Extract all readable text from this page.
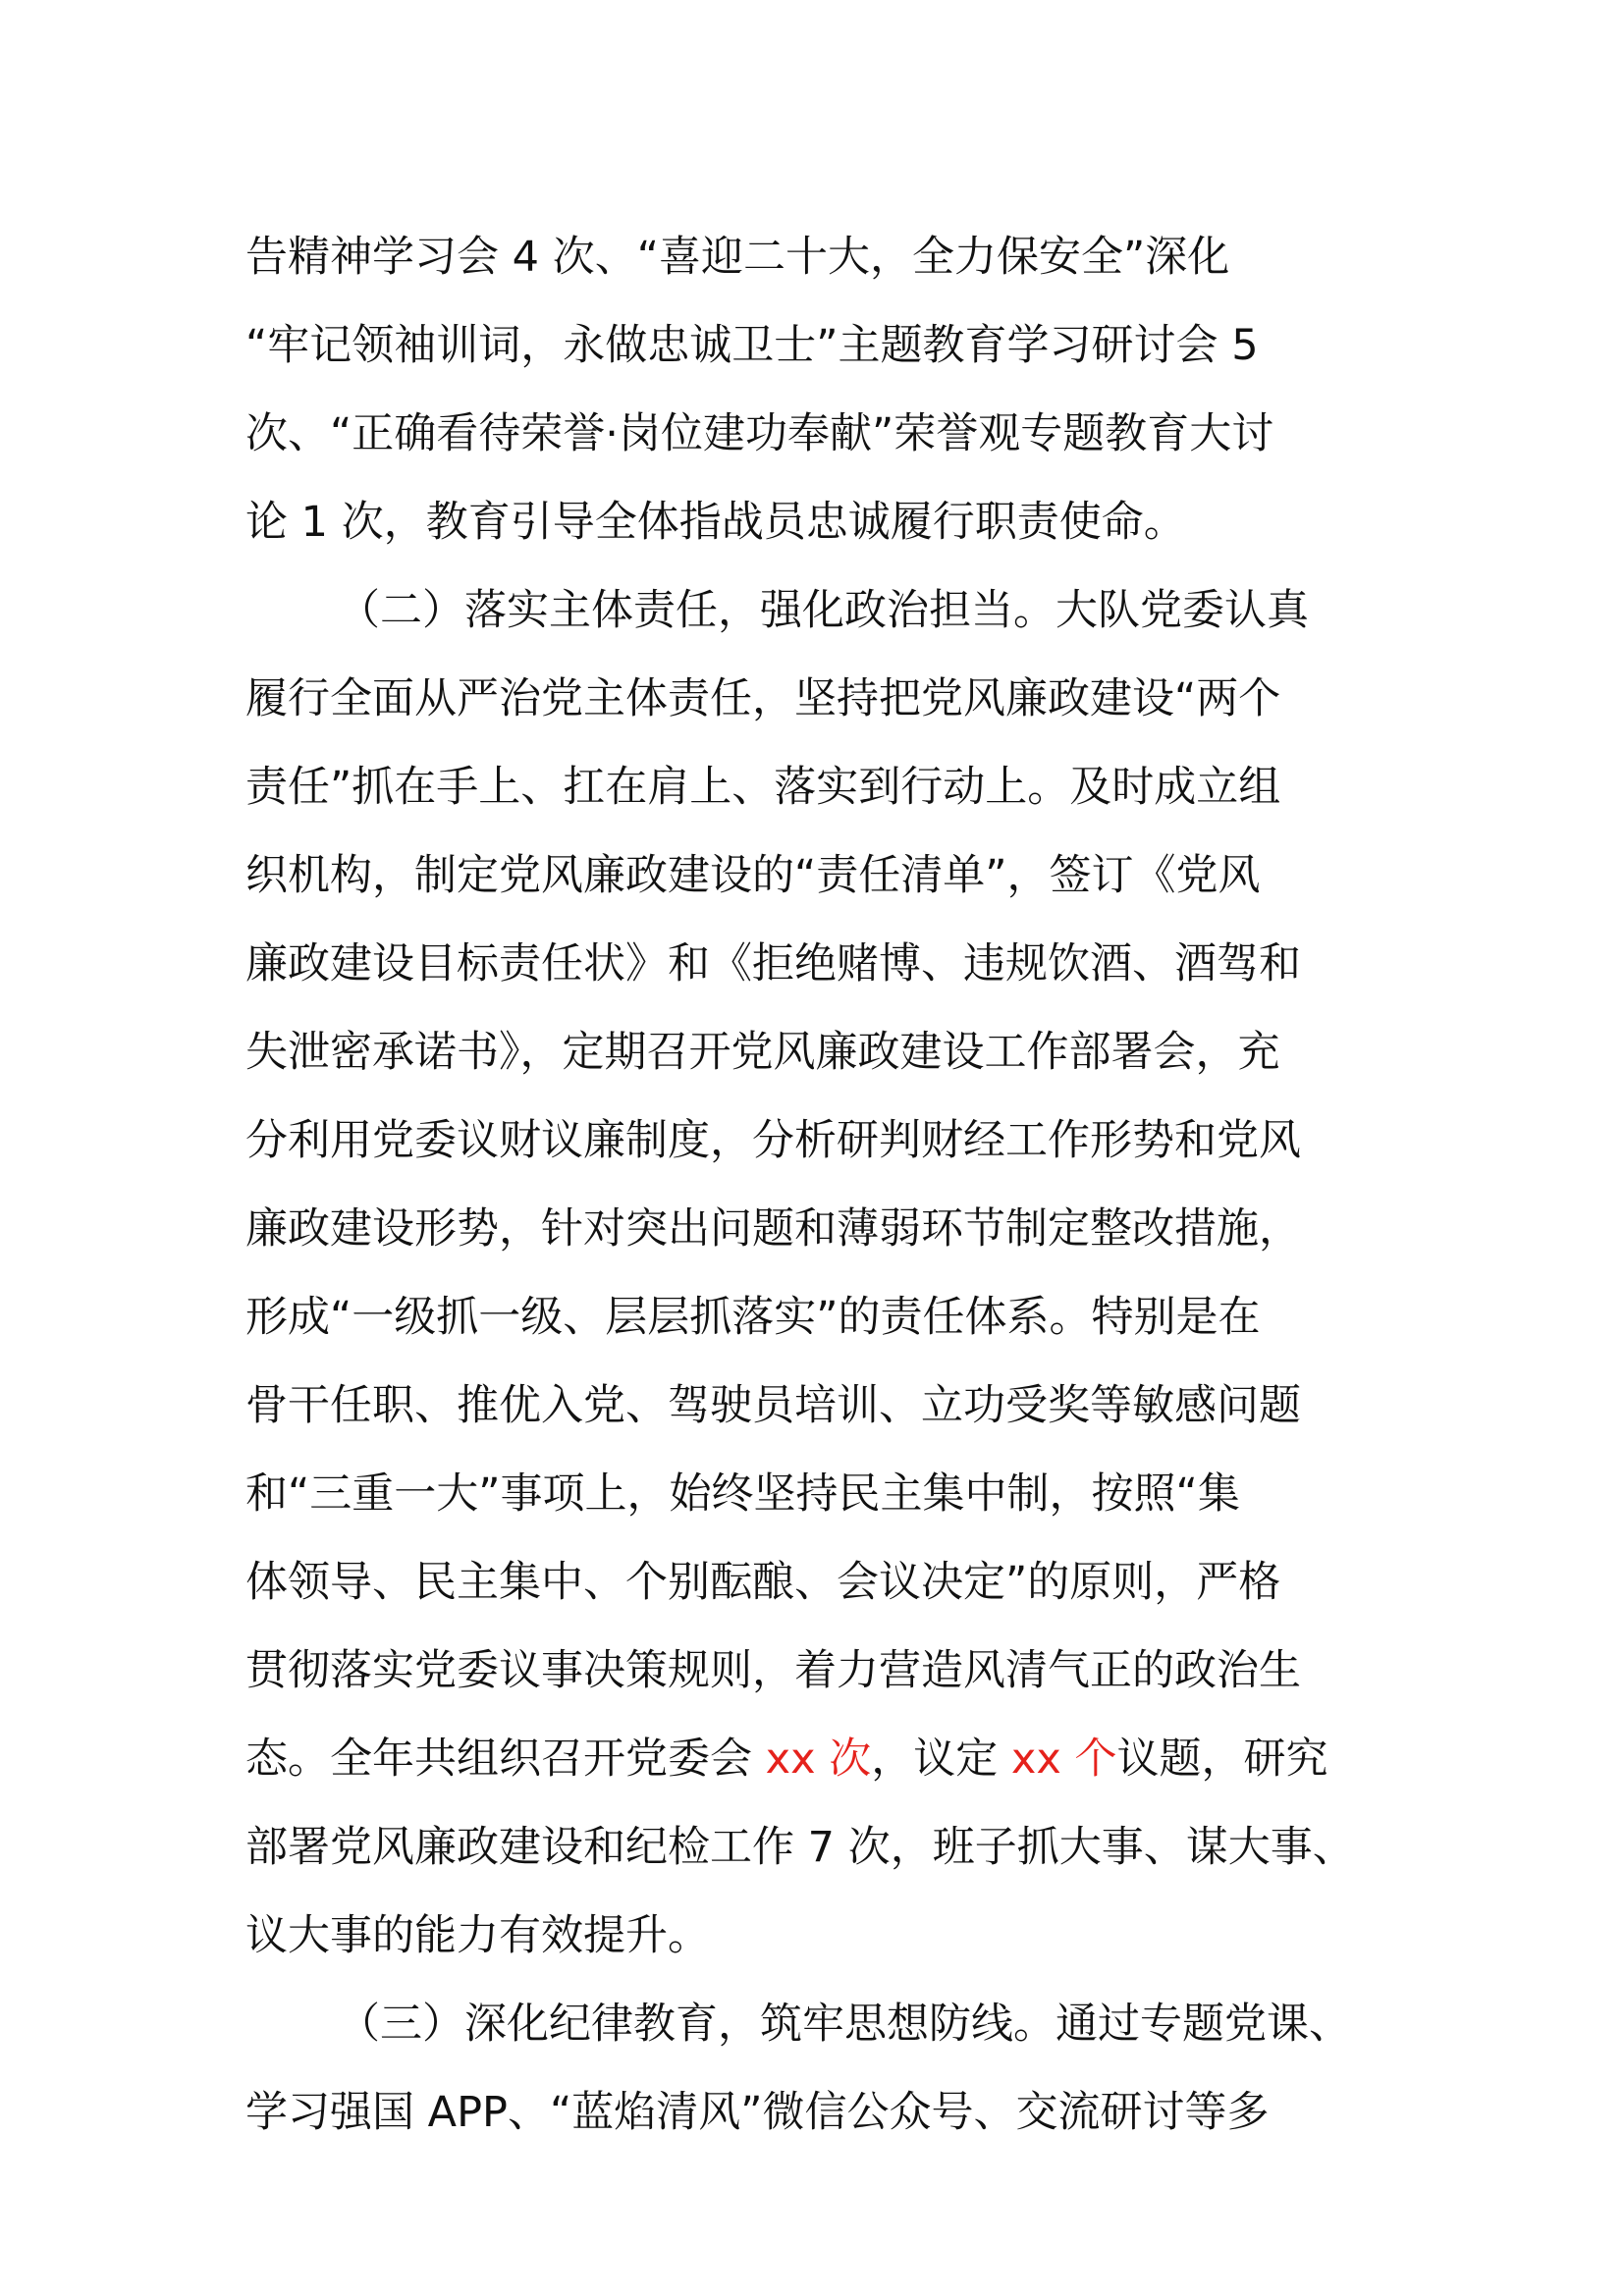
告精神学习会 4 次、“喜迎二十大，全力保安全”深化
“牢记领袖训词，永做忠诚卫士”主题教育学习研讨会 5
次、“正确看待荣誉·岗位建功奉献”荣誉观专题教育大讨
论 1 次，教育引导全体指战员忠诚履行职责使命。
（二）落实主体责任，强化政治担当。大队党委认真
履行全面从严治党主体责任，坚持把党风廉政建设“两个
责任”抓在手上、扛在肩上、落实到行动上。及时成立组
织机构，制定党风廉政建设的“责任清单”，签订《党风
廉政建设目标责任状》和《拒绝赌博、违规饮酒、酒驾和
失泄密承诺书》，定期召开党风廉政建设工作部署会，充
分利用党委议财议廉制度，分析研判财经工作形势和党风
廉政建设形势，针对突出问题和薄弱环节制定整改措施，
形成“一级抓一级、层层抓落实”的责任体系。特别是在
骨干任职、推优入党、驾驶员培训、立功受奖等敏感问题
和“三重一大”事项上，始终坚持民主集中制，按照“集
体领导、民主集中、个别酝酿、会议决定”的原则，严格
贯彻落实党委议事决策规则，着力营造风清气正的政治生
态。全年共组织召开党委会 xx 次，议定 xx 个议题，研究
部署党风廉政建设和纪检工作 7 次，班子抓大事、谋大事、
议大事的能力有效提升。
（三）深化纪律教育，筑牢思想防线。通过专题党课、
学习强国 APP、“蓝焰清风”微信公众号、交流研讨等多
